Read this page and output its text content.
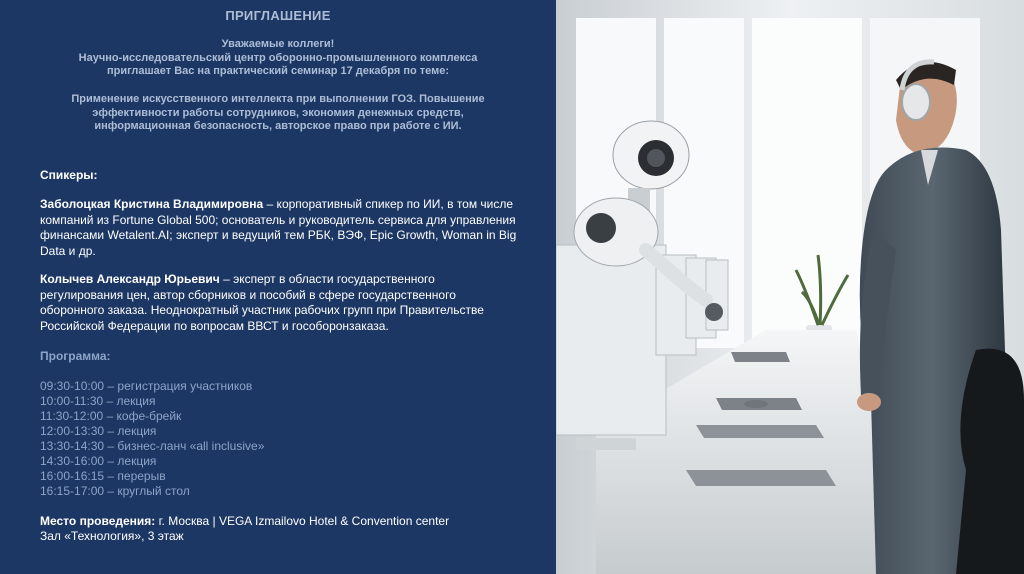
ПРИГЛАШЕНИЕ
Уважаемые коллеги!
Научно-исследовательский центр оборонно-промышленного комплекса
приглашает Вас на практический семинар 17 декабря по теме:
Применение искусственного интеллекта при выполнении ГОЗ. Повышение
эффективности работы сотрудников, экономия денежных средств,
информационная безопасность, авторское право при работе с ИИ.
Спикеры:
Заболоцкая Кристина Владимировна – корпоративный спикер по ИИ, в том числе компаний из Fortune Global 500; основатель и руководитель сервиса для управления финансами Wetalent.AI; эксперт и ведущий тем РБК, ВЭФ, Epic Growth, Woman in Big Data и др.
Колычев Александр Юрьевич – эксперт в области государственного регулирования цен, автор сборников и пособий в сфере государственного оборонного заказа. Неоднократный участник рабочих групп при Правительстве Российской Федерации по вопросам ВВСТ и гособоронзаказа.
Программа:
09:30-10:00 – регистрация участников
10:00-11:30 – лекция
11:30-12:00 – кофе-брейк
12:00-13:30 – лекция
13:30-14:30 – бизнес-ланч «all inclusive»
14:30-16:00 – лекция
16:00-16:15 – перерыв
16:15-17:00 – круглый стол
Место проведения: г. Москва | VEGA Izmailovo Hotel & Convention center
Зал «Технология», 3 этаж
